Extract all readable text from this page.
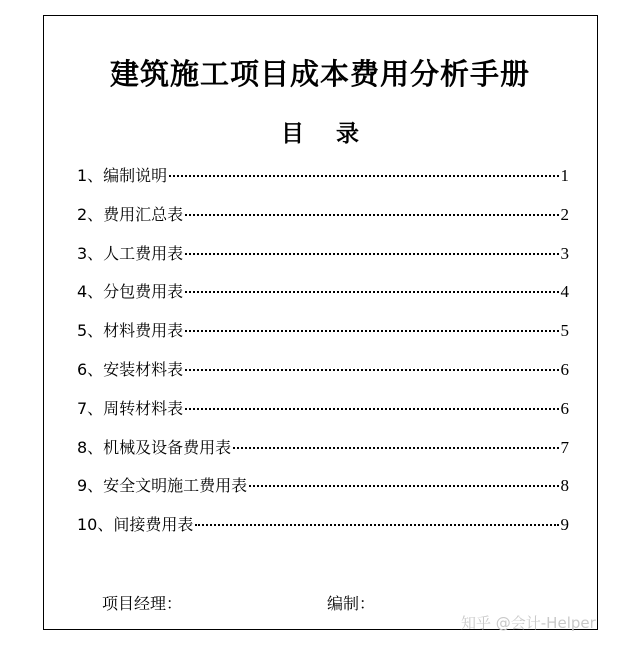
建筑施工项目成本费用分析手册
目录
1、编制说明	1
2、费用汇总表	2
3、人工费用表	3
4、分包费用表	4
5、材料费用表	5
6、安装材料表	6
7、周转材料表	6
8、机械及设备费用表	7
9、安全文明施工费用表	8
10、间接费用表	9
项目经理：	编制：
知乎 @会计-Helper
